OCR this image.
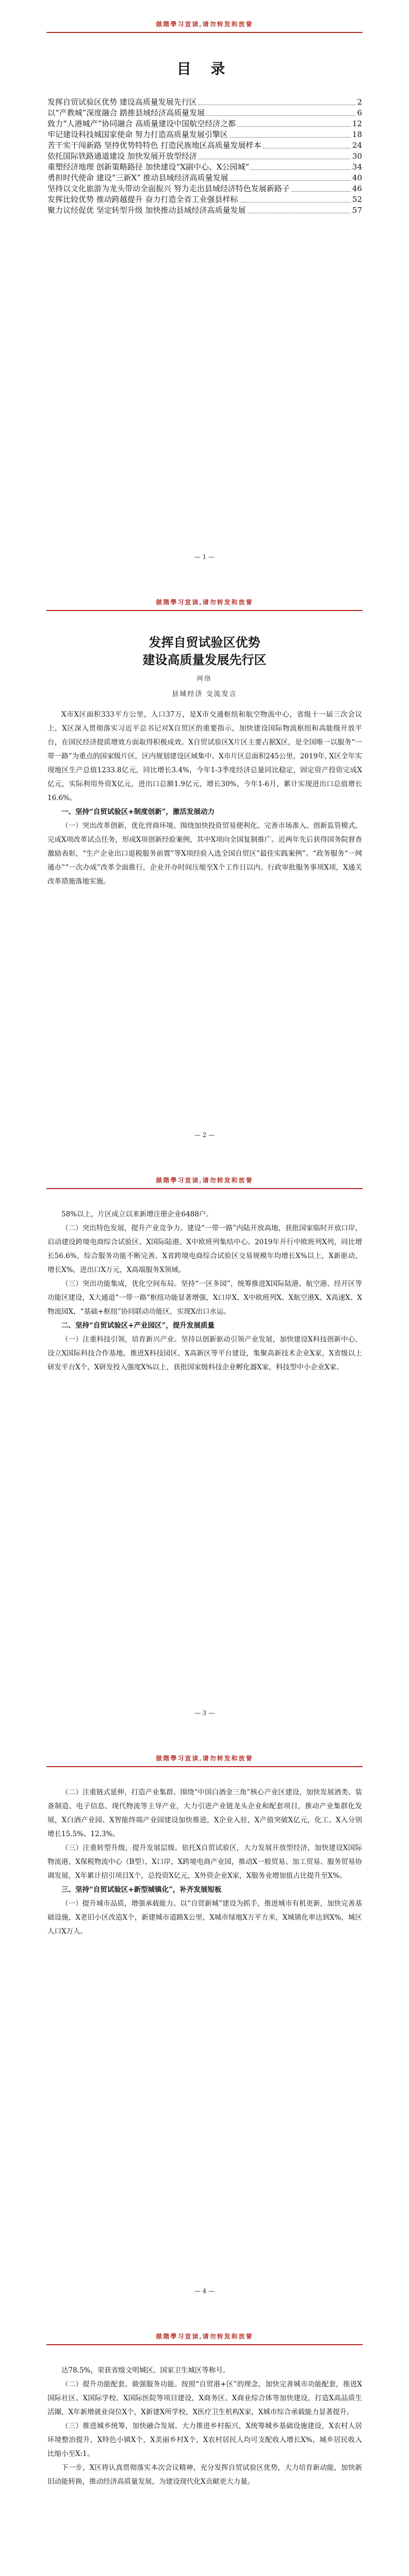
做階學习宣读,请勿转发和放誉
目 录
发挥自贸试验区优势 建设高质量发展先行区	2
以“产教城”深度融合 踏推县域经济高质量发展	6
致力“人港城产”协同融合 高质量建设中国航空经济之都	12
牢记建设科技城国家使命 努力打造高质量发展引擎区	18
苦干实干闯新路 坚持优势特特色 打造民族地区高质量发展样本	24
依托国际铁路通道建设 加快发展开放型经济	30
重塑经济地理 创新策略路径 加快建设“X副中心、X公园城”	34
勇担时代使命 建设“三新X” 推动县域经济高质量发展	40
坚持以文化旅游为龙头带动全面振兴 努力走出县域经济特色发展新路子	46
发挥比较优势 推动跨越提升 奋力打造全省工业强县样标	52
聚力议经促优 坚定转型升级 加快推动县域经济高质量发展	57
— 1 —
做階學习宣读,请勿转发和放誉
发挥自贸试验区优势
建设高质量发展先行区
网络
县域经济 交流发言

X市X区面积333平方公里，人口37万，是X市交通枢纽和航空物流中心，省级十一届三次会议上，X区深入贯彻落实习近平总书记对X自贸区的重要指示，加快建设国际物流枢纽和高能级开放平台，在国民经济提质增效方面取得积极成效。X自贸试验区X片区主要占据X区，是全国唯一以服务“一带一路”为重点的国家级片区，区内规划建设区域集中、X市片区总面积245公里，2019年, X区全年实现地区生产总值1233.8亿元，同比增长3.4%，今年1-3季度经济总量同比稳定，固定资产投资完成X亿元，实际利用外资X亿元，进出口总额1.9亿元，增长30%，今年1-6月，累计实现进出口总值增长16.6%。

一、坚持“自贸试验区+制度创新”，激活发展动力

（一）突出改革创新，优化营商环境。围绕加快投资贸易便利化、完善市场准入、创新监管模式，完成X项改革试点任务，形成X项创新经验案例，其中X项向全国复制推广。近两年先后获得国务院督查激励表彰，“生产企业出口退税服务前置”等X项经验入选全国自贸区“最佳实践案例”。“政务服务“一网通办”“一次办成”改革全面推行，企业开办时间压缩至X个工作日以内。行政审批服务事项X项，X通关改革措施落地实施。

— 2 —
做階學习宣读,请勿转发和放誉

58%以上，片区成立以来新增注册企业6488户。

（二）突出特色发展，提升产业竞争力。建设“一带一路”内陆开放高地，获批国家临时开放口岸，启动建设跨境电商综合试验区、X国际陆港、X中欧班列集结中心。2019年开行中欧班列X列，同比增长56.6%，综合服务功能不断完善。X省跨境电商综合试验区交易规模年均增长X%以上，X新驱动，增长X%，进出口X万元，X高端服务X领域。

（三）突出功能集成，优化空间布局。坚持“一区多园”，统筹推进X国际陆港、航空港、经开区等功能区建设，X大通道“一带一路”枢纽功能显著增强，X口岸X、X中欧班列X、X航空港X、X高速X、X物流园X，“基础+枢纽”协同联动功能区，实现X出口水运。

二、坚持“自贸试验区+产业园区”，提升发展质量

（一）注重科技引领，培育新兴产业。坚持以创新驱动引领产业发展，加快建设X科技创新中心，设立X国际科技合作基地，推进X科技园区、X高新区等平台建设，集聚高新技术企业X家，X省级以上研发平台X个，X研发投入强度X%以上，获批国家级科技企业孵化器X家，科技型中小企业X家。

— 3 —
做階學习宣读,请勿转发和放誉

（二）注重链式延伸，打造产业集群。围绕“中国白酒金三角”核心产业区建设，加快发展酒类、装备制造、电子信息、现代物流等主导产业，大力引进产业链龙头企业和配套项目，推动产业集群化发展，X白酒产业园、X智能终端产业园建设加快推进，X企业入驻，X产值突破X亿元，化工、X入分别增长15.5%、12.3%。

（三）注重转型升级，提升发展层级。依托X自贸试验区，大力发展开放型经济，加快建设X国际物流港，X保税物流中心（B型），X口岸，X跨境电商产业园，推动X一般贸易、加工贸易、服务贸易协调发展，X年累计招引项目X个，总投资X亿元，X外资企业X家，X服务业增加值占比提升至X%。

三、坚持“自贸试验区+新型城镇化”，补齐发展短板

（一）提升城市品质，增强承载能力。以“自贸新城”建设为抓手，推进城市有机更新，加快完善基础设施，X老旧小区改造X个，新建城市道路X公里，X城市绿地X万平方米，X城镇化率达到X%，城区人口X万人。

— 4 —
做階學习宣读,请勿转发和放誉

达78.5%，荣获省级文明城区、国家卫生城区等称号。

（二）提升功能配套，做强服务功能。按照“自贸港+区”的理念，加快完善城市功能配套，推进X国际社区、X国际学校、X国际医院等项目建设，X商务区、X商业综合体等加快建设，打造X高品质生活圈，X年新增就业岗位X个，X新建X所学校，X医疗卫生机构X家，X城市综合承载能力显著提升。

（三）推进城乡统筹，加快融合发展。大力推进乡村振兴，X统筹城乡基础设施建设，X农村人居环境整治提升，X特色小镇X个，X美丽乡村X个，X农村居民人均可支配收入增长X%，城乡居民收入比缩小至X:1。

下一步，X区将认真贯彻落实本次会议精神，充分发挥自贸试验区优势，大力培育新动能，加快新旧动能转换，推动经济高质量发展，为建设现代化X贡献更大力量。
